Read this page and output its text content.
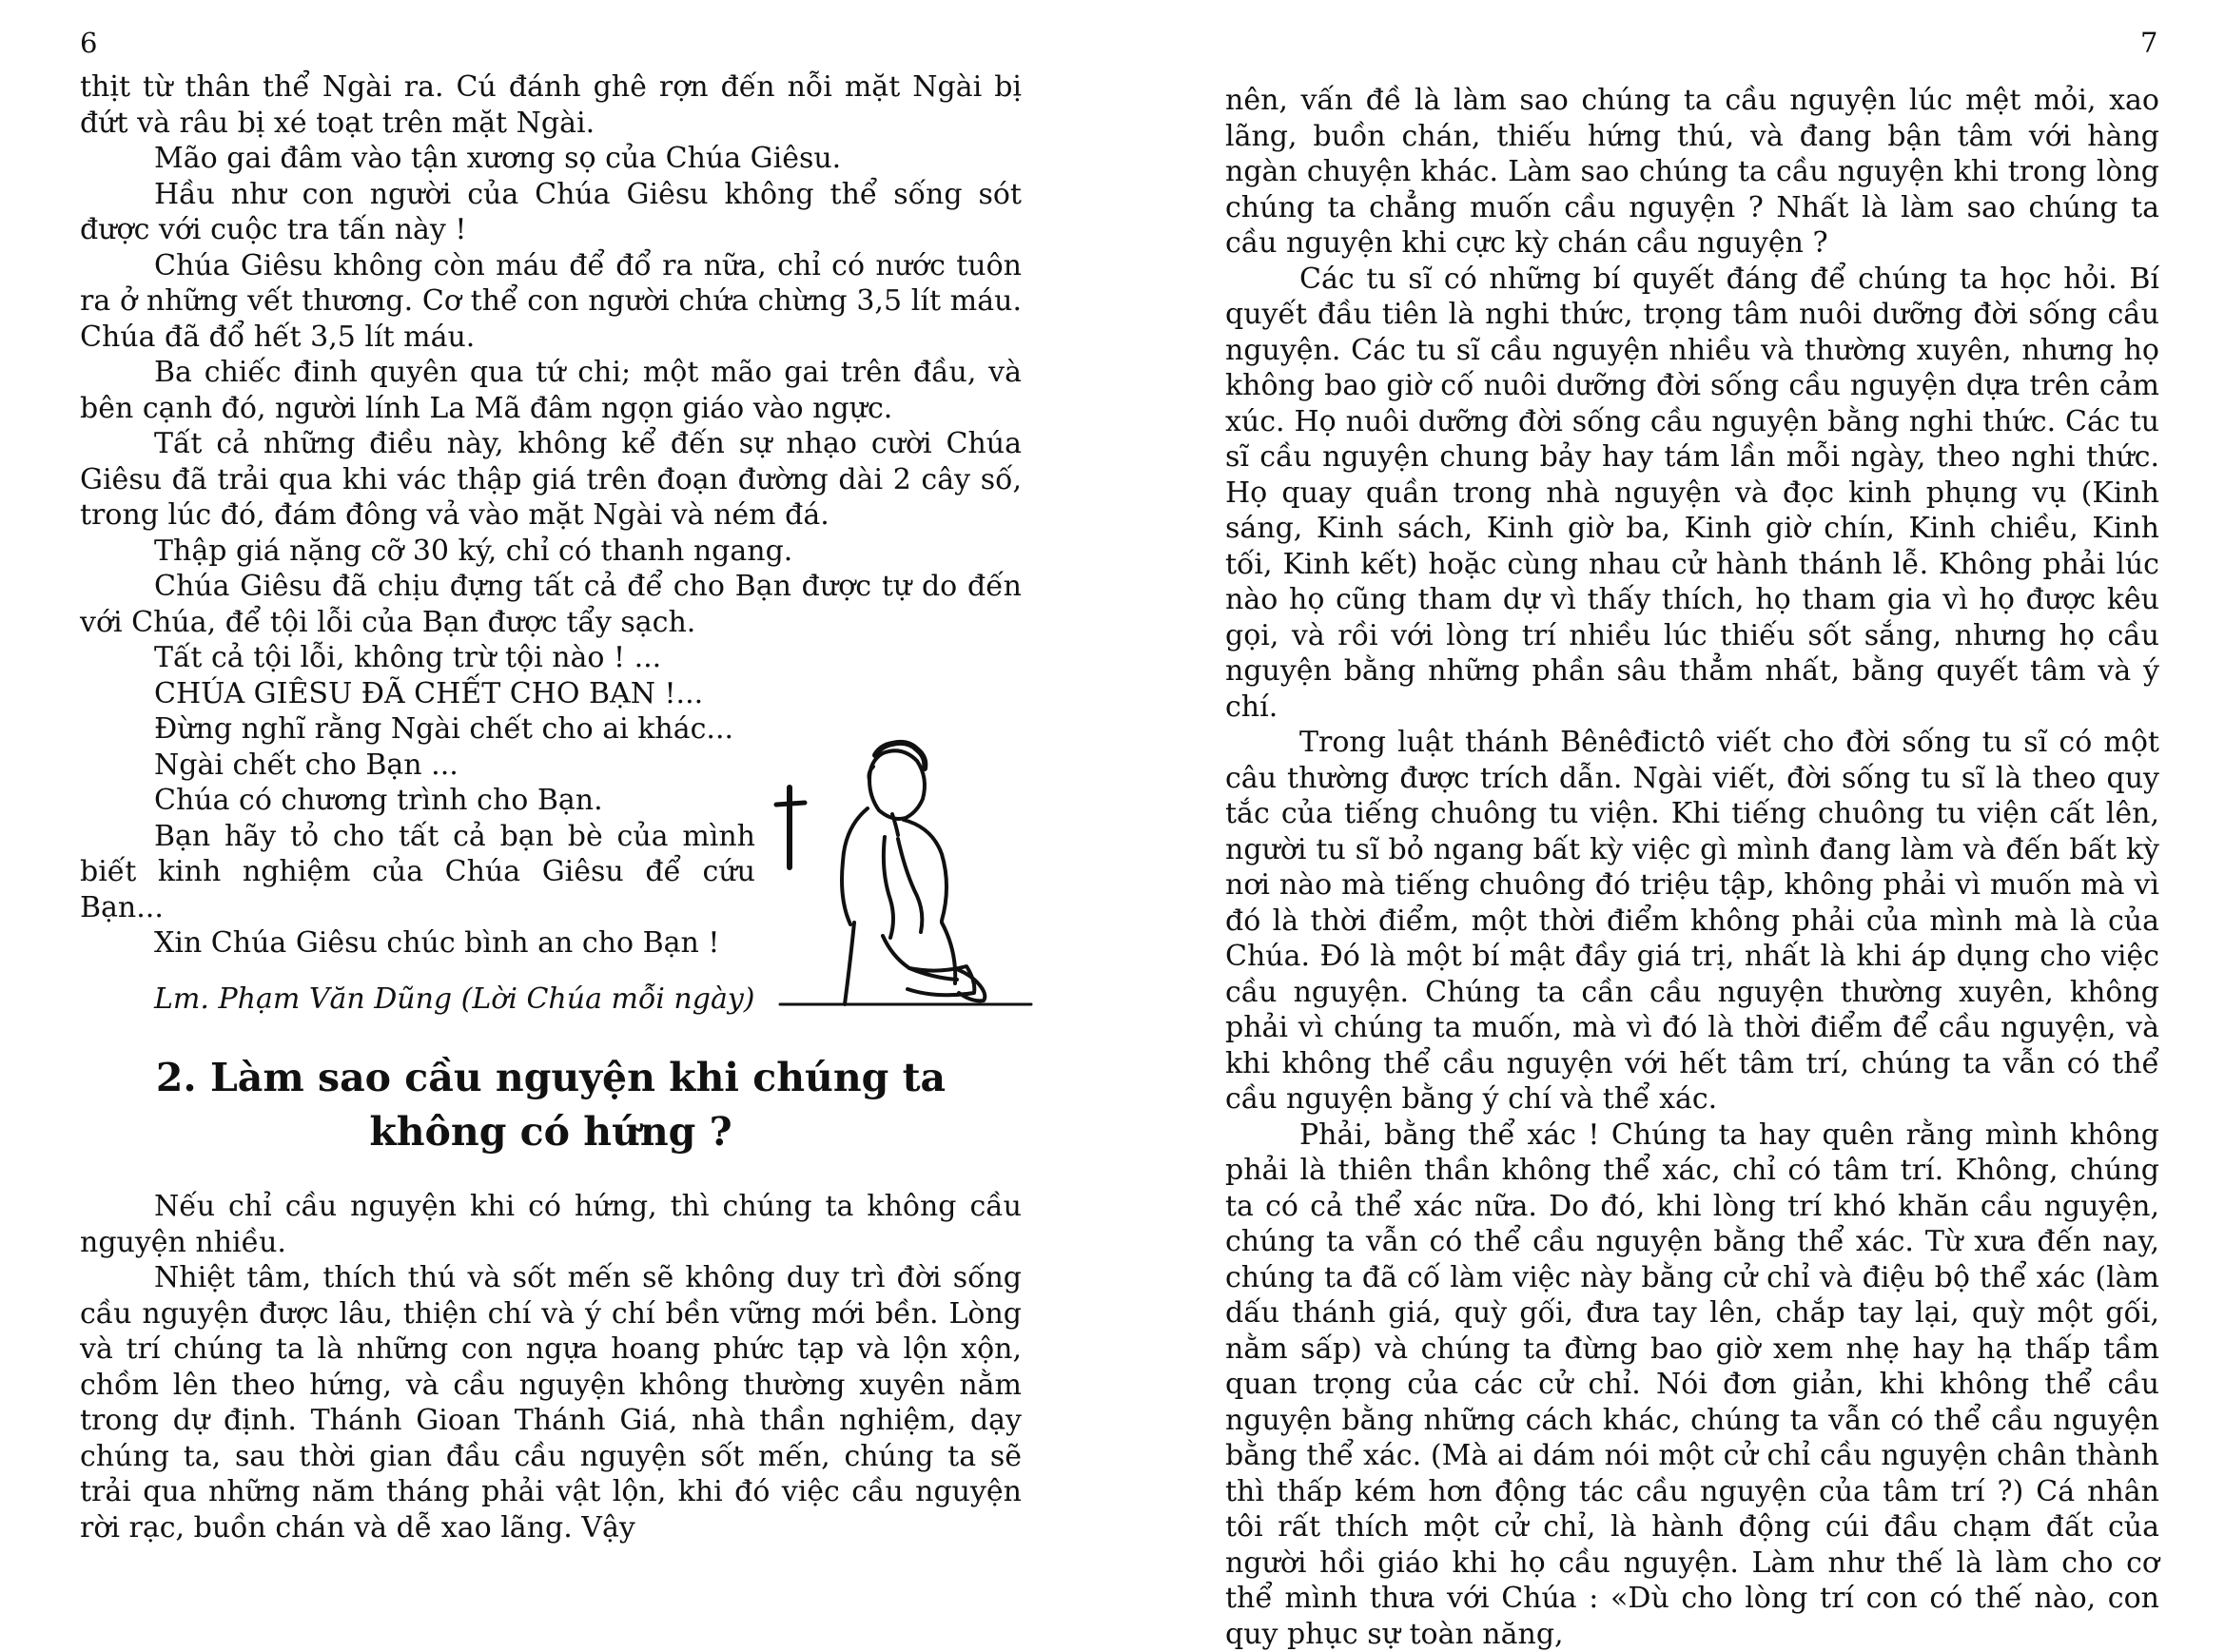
6	7

thịt từ thân thể Ngài ra. Cú đánh ghê rợn đến nỗi mặt Ngài bị đứt và râu bị xé toạt trên mặt Ngài.

Mão gai đâm vào tận xương sọ của Chúa Giêsu.

Hầu như con người của Chúa Giêsu không thể sống sót được với cuộc tra tấn này !

Chúa Giêsu không còn máu để đổ ra nữa, chỉ có nước tuôn ra ở những vết thương. Cơ thể con người chứa chừng 3,5 lít máu. Chúa đã đổ hết 3,5 lít máu.

Ba chiếc đinh quyên qua tứ chi; một mão gai trên đầu, và bên cạnh đó, người lính La Mã đâm ngọn giáo vào ngực.

Tất cả những điều này, không kể đến sự nhạo cười Chúa Giêsu đã trải qua khi vác thập giá trên đoạn đường dài 2 cây số, trong lúc đó, đám đông vả vào mặt Ngài và ném đá.

Thập giá nặng cỡ 30 ký, chỉ có thanh ngang.

Chúa Giêsu đã chịu đựng tất cả để cho Bạn được tự do đến với Chúa, để tội lỗi của Bạn được tẩy sạch.

Tất cả tội lỗi, không trừ tội nào ! ...

CHÚA GIÊSU ĐÃ CHẾT CHO BẠN !...

Đừng nghĩ rằng Ngài chết cho ai khác...

Ngài chết cho Bạn ...

Chúa có chương trình cho Bạn.

Bạn hãy tỏ cho tất cả bạn bè của mình biết kinh nghiệm của Chúa Giêsu để cứu Bạn...

Xin Chúa Giêsu chúc bình an cho Bạn !

Lm. Phạm Văn Dũng (Lời Chúa mỗi ngày)

2. Làm sao cầu nguyện khi chúng ta
không có hứng ?

Nếu chỉ cầu nguyện khi có hứng, thì chúng ta không cầu nguyện nhiều.

Nhiệt tâm, thích thú và sốt mến sẽ không duy trì đời sống cầu nguyện được lâu, thiện chí và ý chí bền vững mới bền. Lòng và trí chúng ta là những con ngựa hoang phức tạp và lộn xộn, chồm lên theo hứng, và cầu nguyện không thường xuyên nằm trong dự định. Thánh Gioan Thánh Giá, nhà thần nghiệm, dạy chúng ta, sau thời gian đầu cầu nguyện sốt mến, chúng ta sẽ trải qua những năm tháng phải vật lộn, khi đó việc cầu nguyện rời rạc, buồn chán và dễ xao lãng. Vậy

nên, vấn đề là làm sao chúng ta cầu nguyện lúc mệt mỏi, xao lãng, buồn chán, thiếu hứng thú, và đang bận tâm với hàng ngàn chuyện khác. Làm sao chúng ta cầu nguyện khi trong lòng chúng ta chẳng muốn cầu nguyện ? Nhất là làm sao chúng ta cầu nguyện khi cực kỳ chán cầu nguyện ?

Các tu sĩ có những bí quyết đáng để chúng ta học hỏi. Bí quyết đầu tiên là nghi thức, trọng tâm nuôi dưỡng đời sống cầu nguyện. Các tu sĩ cầu nguyện nhiều và thường xuyên, nhưng họ không bao giờ cố nuôi dưỡng đời sống cầu nguyện dựa trên cảm xúc. Họ nuôi dưỡng đời sống cầu nguyện bằng nghi thức. Các tu sĩ cầu nguyện chung bảy hay tám lần mỗi ngày, theo nghi thức. Họ quay quần trong nhà nguyện và đọc kinh phụng vụ (Kinh sáng, Kinh sách, Kinh giờ ba, Kinh giờ chín, Kinh chiều, Kinh tối, Kinh kết) hoặc cùng nhau cử hành thánh lễ. Không phải lúc nào họ cũng tham dự vì thấy thích, họ tham gia vì họ được kêu gọi, và rồi với lòng trí nhiều lúc thiếu sốt sắng, nhưng họ cầu nguyện bằng những phần sâu thẳm nhất, bằng quyết tâm và ý chí.

Trong luật thánh Bênêđictô viết cho đời sống tu sĩ có một câu thường được trích dẫn. Ngài viết, đời sống tu sĩ là theo quy tắc của tiếng chuông tu viện. Khi tiếng chuông tu viện cất lên, người tu sĩ bỏ ngang bất kỳ việc gì mình đang làm và đến bất kỳ nơi nào mà tiếng chuông đó triệu tập, không phải vì muốn mà vì đó là thời điểm, một thời điểm không phải của mình mà là của Chúa. Đó là một bí mật đầy giá trị, nhất là khi áp dụng cho việc cầu nguyện. Chúng ta cần cầu nguyện thường xuyên, không phải vì chúng ta muốn, mà vì đó là thời điểm để cầu nguyện, và khi không thể cầu nguyện với hết tâm trí, chúng ta vẫn có thể cầu nguyện bằng ý chí và thể xác.

Phải, bằng thể xác ! Chúng ta hay quên rằng mình không phải là thiên thần không thể xác, chỉ có tâm trí. Không, chúng ta có cả thể xác nữa. Do đó, khi lòng trí khó khăn cầu nguyện, chúng ta vẫn có thể cầu nguyện bằng thể xác. Từ xưa đến nay, chúng ta đã cố làm việc này bằng cử chỉ và điệu bộ thể xác (làm dấu thánh giá, quỳ gối, đưa tay lên, chắp tay lại, quỳ một gối, nằm sấp) và chúng ta đừng bao giờ xem nhẹ hay hạ thấp tầm quan trọng của các cử chỉ. Nói đơn giản, khi không thể cầu nguyện bằng những cách khác, chúng ta vẫn có thể cầu nguyện bằng thể xác. (Mà ai dám nói một cử chỉ cầu nguyện chân thành thì thấp kém hơn động tác cầu nguyện của tâm trí ?) Cá nhân tôi rất thích một cử chỉ, là hành động cúi đầu chạm đất của người hồi giáo khi họ cầu nguyện. Làm như thế là làm cho cơ thể mình thưa với Chúa : «Dù cho lòng trí con có thế nào, con quy phục sự toàn năng,
